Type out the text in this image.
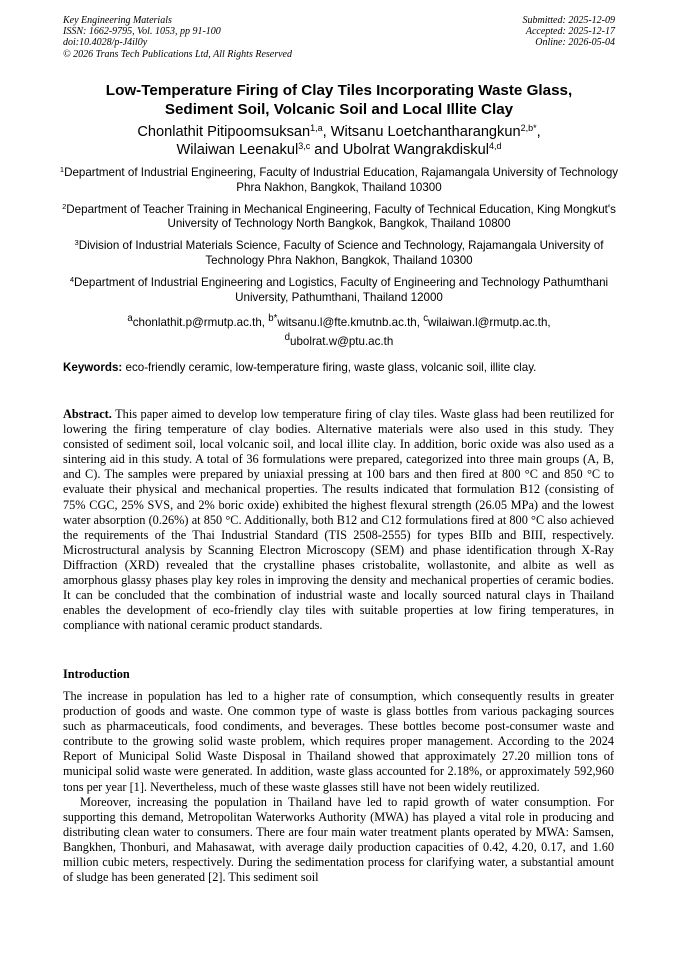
Key Engineering Materials
ISSN: 1662-9795, Vol. 1053, pp 91-100
doi:10.4028/p-J4il0y
© 2026 Trans Tech Publications Ltd, All Rights Reserved
Submitted: 2025-12-09
Accepted: 2025-12-17
Online: 2026-05-04
Low-Temperature Firing of Clay Tiles Incorporating Waste Glass,
Sediment Soil, Volcanic Soil and Local Illite Clay
Chonlathit Pitipoomsuksan$^{1,a}$, Witsanu Loetchantharangkun$^{2,b*}$,
Wilaiwan Leenakul$^{3,c}$ and Ubolrat Wangrakdiskul$^{4,d}$

$^1$Department of Industrial Engineering, Faculty of Industrial Education, Rajamangala University of Technology Phra Nakhon, Bangkok, Thailand 10300

$^2$Department of Teacher Training in Mechanical Engineering, Faculty of Technical Education, King Mongkut's University of Technology North Bangkok, Bangkok, Thailand 10800

$^3$Division of Industrial Materials Science, Faculty of Science and Technology, Rajamangala University of Technology Phra Nakhon, Bangkok, Thailand 10300

$^4$Department of Industrial Engineering and Logistics, Faculty of Engineering and Technology Pathumthani University, Pathumthani, Thailand 12000

$^a$chonlathit.p@rmutp.ac.th, $^{b*}$witsanu.l@fte.kmutnb.ac.th, $^c$wilaiwan.l@rmutp.ac.th,
$^d$ubolrat.w@ptu.ac.th
Keywords: eco-friendly ceramic, low-temperature firing, waste glass, volcanic soil, illite clay.
Abstract. This paper aimed to develop low temperature firing of clay tiles. Waste glass had been reutilized for lowering the firing temperature of clay bodies. Alternative materials were also used in this study. They consisted of sediment soil, local volcanic soil, and local illite clay. In addition, boric oxide was also used as a sintering aid in this study. A total of 36 formulations were prepared, categorized into three main groups (A, B, and C). The samples were prepared by uniaxial pressing at 100 bars and then fired at 800 °C and 850 °C to evaluate their physical and mechanical properties. The results indicated that formulation B12 (consisting of 75% CGC, 25% SVS, and 2% boric oxide) exhibited the highest flexural strength (26.05 MPa) and the lowest water absorption (0.26%) at 850 °C. Additionally, both B12 and C12 formulations fired at 800 °C also achieved the requirements of the Thai Industrial Standard (TIS 2508-2555) for types BIIb and BIII, respectively. Microstructural analysis by Scanning Electron Microscopy (SEM) and phase identification through X-Ray Diffraction (XRD) revealed that the crystalline phases cristobalite, wollastonite, and albite as well as amorphous glassy phases play key roles in improving the density and mechanical properties of ceramic bodies. It can be concluded that the combination of industrial waste and locally sourced natural clays in Thailand enables the development of eco-friendly clay tiles with suitable properties at low firing temperatures, in compliance with national ceramic product standards.
Introduction

The increase in population has led to a higher rate of consumption, which consequently results in greater production of goods and waste. One common type of waste is glass bottles from various packaging sources such as pharmaceuticals, food condiments, and beverages. These bottles become post-consumer waste and contribute to the growing solid waste problem, which requires proper management. According to the 2024 Report of Municipal Solid Waste Disposal in Thailand showed that approximately 27.20 million tons of municipal solid waste were generated. In addition, waste glass accounted for 2.18%, or approximately 592,960 tons per year [1]. Nevertheless, much of these waste glasses still have not been widely reutilized.

Moreover, increasing the population in Thailand have led to rapid growth of water consumption. For supporting this demand, Metropolitan Waterworks Authority (MWA) has played a vital role in producing and distributing clean water to consumers. There are four main water treatment plants operated by MWA: Samsen, Bangkhen, Thonburi, and Mahasawat, with average daily production capacities of 0.42, 4.20, 0.17, and 1.60 million cubic meters, respectively. During the sedimentation process for clarifying water, a substantial amount of sludge has been generated [2]. This sediment soil
